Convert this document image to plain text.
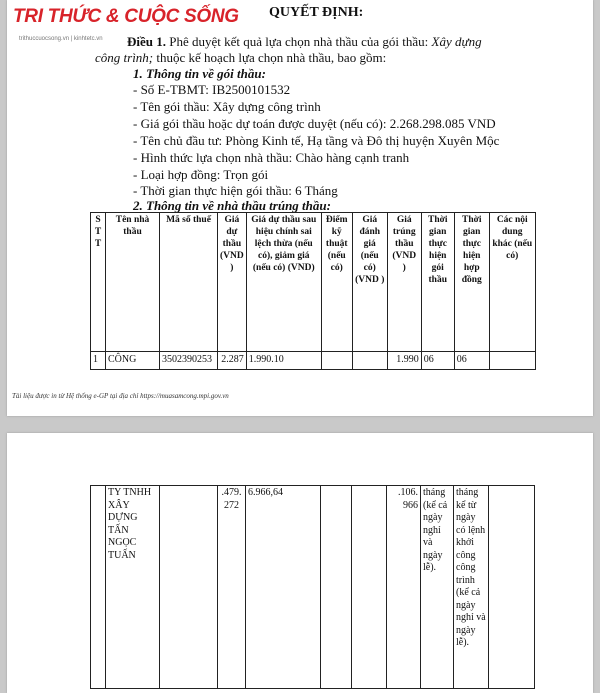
TRI THỨC & CUỘC SỐNG
trithuccuocsong.vn | kinhtetc.vn
QUYẾT ĐỊNH:
Điều 1. Phê duyệt kết quả lựa chọn nhà thầu của gói thầu: Xây dựng
công trình; thuộc kế hoạch lựa chọn nhà thầu, bao gồm:
1. Thông tin về gói thầu:
- Số E-TBMT: IB2500101532
- Tên gói thầu: Xây dựng công trình
- Giá gói thầu hoặc dự toán được duyệt (nếu có): 2.268.298.085 VND
- Tên chủ đầu tư: Phòng Kinh tế, Hạ tầng và Đô thị huyện Xuyên Mộc
- Hình thức lựa chọn nhà thầu: Chào hàng cạnh tranh
- Loại hợp đồng: Trọn gói
- Thời gian thực hiện gói thầu: 6 Tháng
2. Thông tin về nhà thầu trúng thầu:
S T T	Tên nhà thầu	Mã số thuế	Giá dự thầu (VND )	Giá dự thầu sau hiệu chính sai lệch thừa (nếu có), giảm giá (nếu có) (VND)	Điểm kỹ thuật (nếu có)	Giá đánh giá (nếu có) (VND )	Giá trúng thầu (VND )	Thời gian thực hiện gói thầu	Thời gian thực hiện hợp đồng	Các nội dung khác (nếu có)
1	CÔNG	3502390253	2.287	1.990.10			1.990	06	06	
Tài liệu được in từ Hệ thống e-GP tại địa chỉ https://muasamcong.mpi.gov.vn
	TY TNHH XÂY DỰNG TẤN NGỌC TUẤN		.479. 272	6.966,64			.106. 966	tháng (kể cả ngày nghỉ và ngày lễ).	tháng kể từ ngày có lệnh khởi công công trình (kể cả ngày nghỉ và ngày lễ).	
